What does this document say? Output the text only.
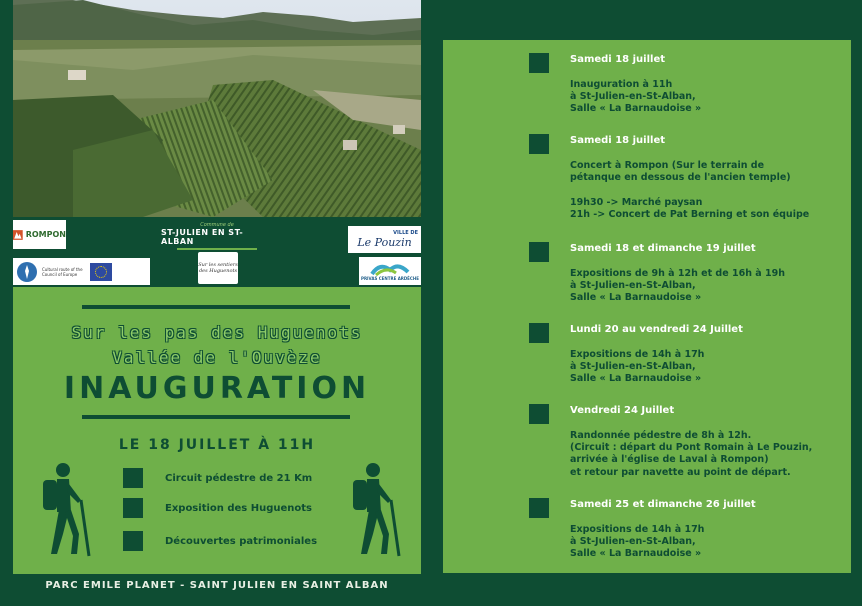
ROMPON
Commune de
ST-JULIEN EN ST-ALBAN
VILLE DE
Le Pouzin
Cultural route of the Council of Europe
Sur les sentiers des Huguenots
PRIVAS CENTRE ARDÈCHE
Sur les pas des Huguenots
Vallée de l'Ouvèze
INAUGURATION
LE 18 JUILLET À 11H
Circuit pédestre de 21 Km
Exposition des Huguenots
Découvertes patrimoniales
PARC EMILE PLANET - SAINT JULIEN EN SAINT ALBAN
Samedi 18 juillet
Inauguration à 11h
à St-Julien-en-St-Alban,
Salle « La Barnaudoise »
Samedi 18 juillet
Concert à Rompon (Sur le terrain de
pétanque en dessous de l'ancien temple)

19h30 -> Marché paysan
21h -> Concert de Pat Berning et son équipe
Samedi 18 et dimanche 19 juillet
Expositions de 9h à 12h et de 16h à 19h
à St-Julien-en-St-Alban,
Salle « La Barnaudoise »
Lundi 20 au vendredi 24 Juillet
Expositions de 14h à 17h
à St-Julien-en-St-Alban,
Salle « La Barnaudoise »
Vendredi 24 Juillet
Randonnée pédestre de 8h à 12h.
(Circuit : départ du Pont Romain à Le Pouzin,
arrivée à l'église de Laval à Rompon)
et retour par navette au point de départ.
Samedi 25 et dimanche 26 juillet
Expositions de 14h à 17h
à St-Julien-en-St-Alban,
Salle « La Barnaudoise »
